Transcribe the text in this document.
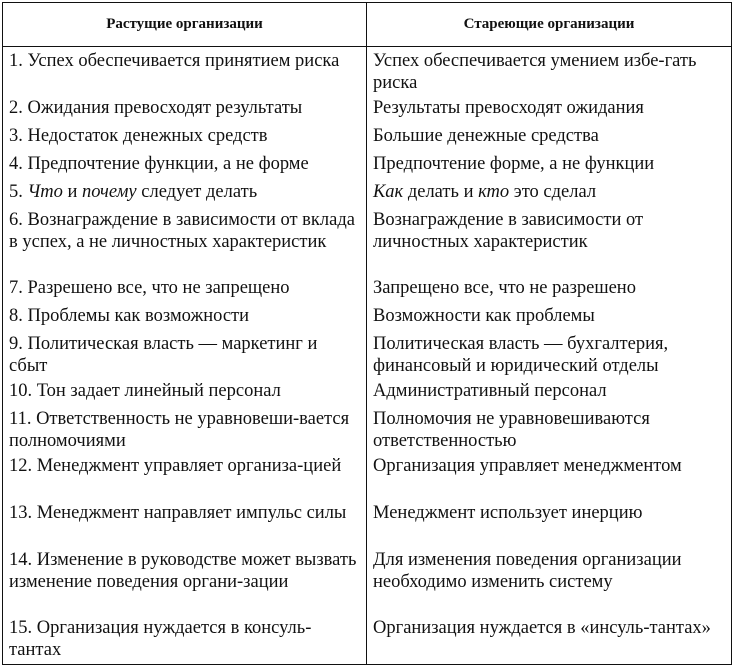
Растущие организации	Стареющие организации
1. Успех обеспечивается принятием риска	Успех обеспечивается умением избе-гать риска
2. Ожидания превосходят результаты	Результаты превосходят ожидания
3. Недостаток денежных средств	Большие денежные средства
4. Предпочтение функции, а не форме	Предпочтение форме, а не функции
5. Что и почему следует делать	Как делать и кто это сделал
6. Вознаграждение в зависимости от вклада в успех, а не личностных характеристик	Вознаграждение в зависимости от личностных характеристик
7. Разрешено все, что не запрещено	Запрещено все, что не разрешено
8. Проблемы как возможности	Возможности как проблемы
9. Политическая власть — маркетинг и сбыт	Политическая власть — бухгалтерия, финансовый и юридический отделы
10. Тон задает линейный персонал	Административный персонал
11. Ответственность не уравновеши-вается полномочиями	Полномочия не уравновешиваются ответственностью
12. Менеджмент управляет организа-цией	Организация управляет менеджментом
13. Менеджмент направляет импульс силы	Менеджмент использует инерцию
14. Изменение в руководстве может вызвать изменение поведения органи-зации	Для изменения поведения организации необходимо изменить систему
15. Организация нуждается в консуль-тантах	Организация нуждается в «инсуль-тантах»
